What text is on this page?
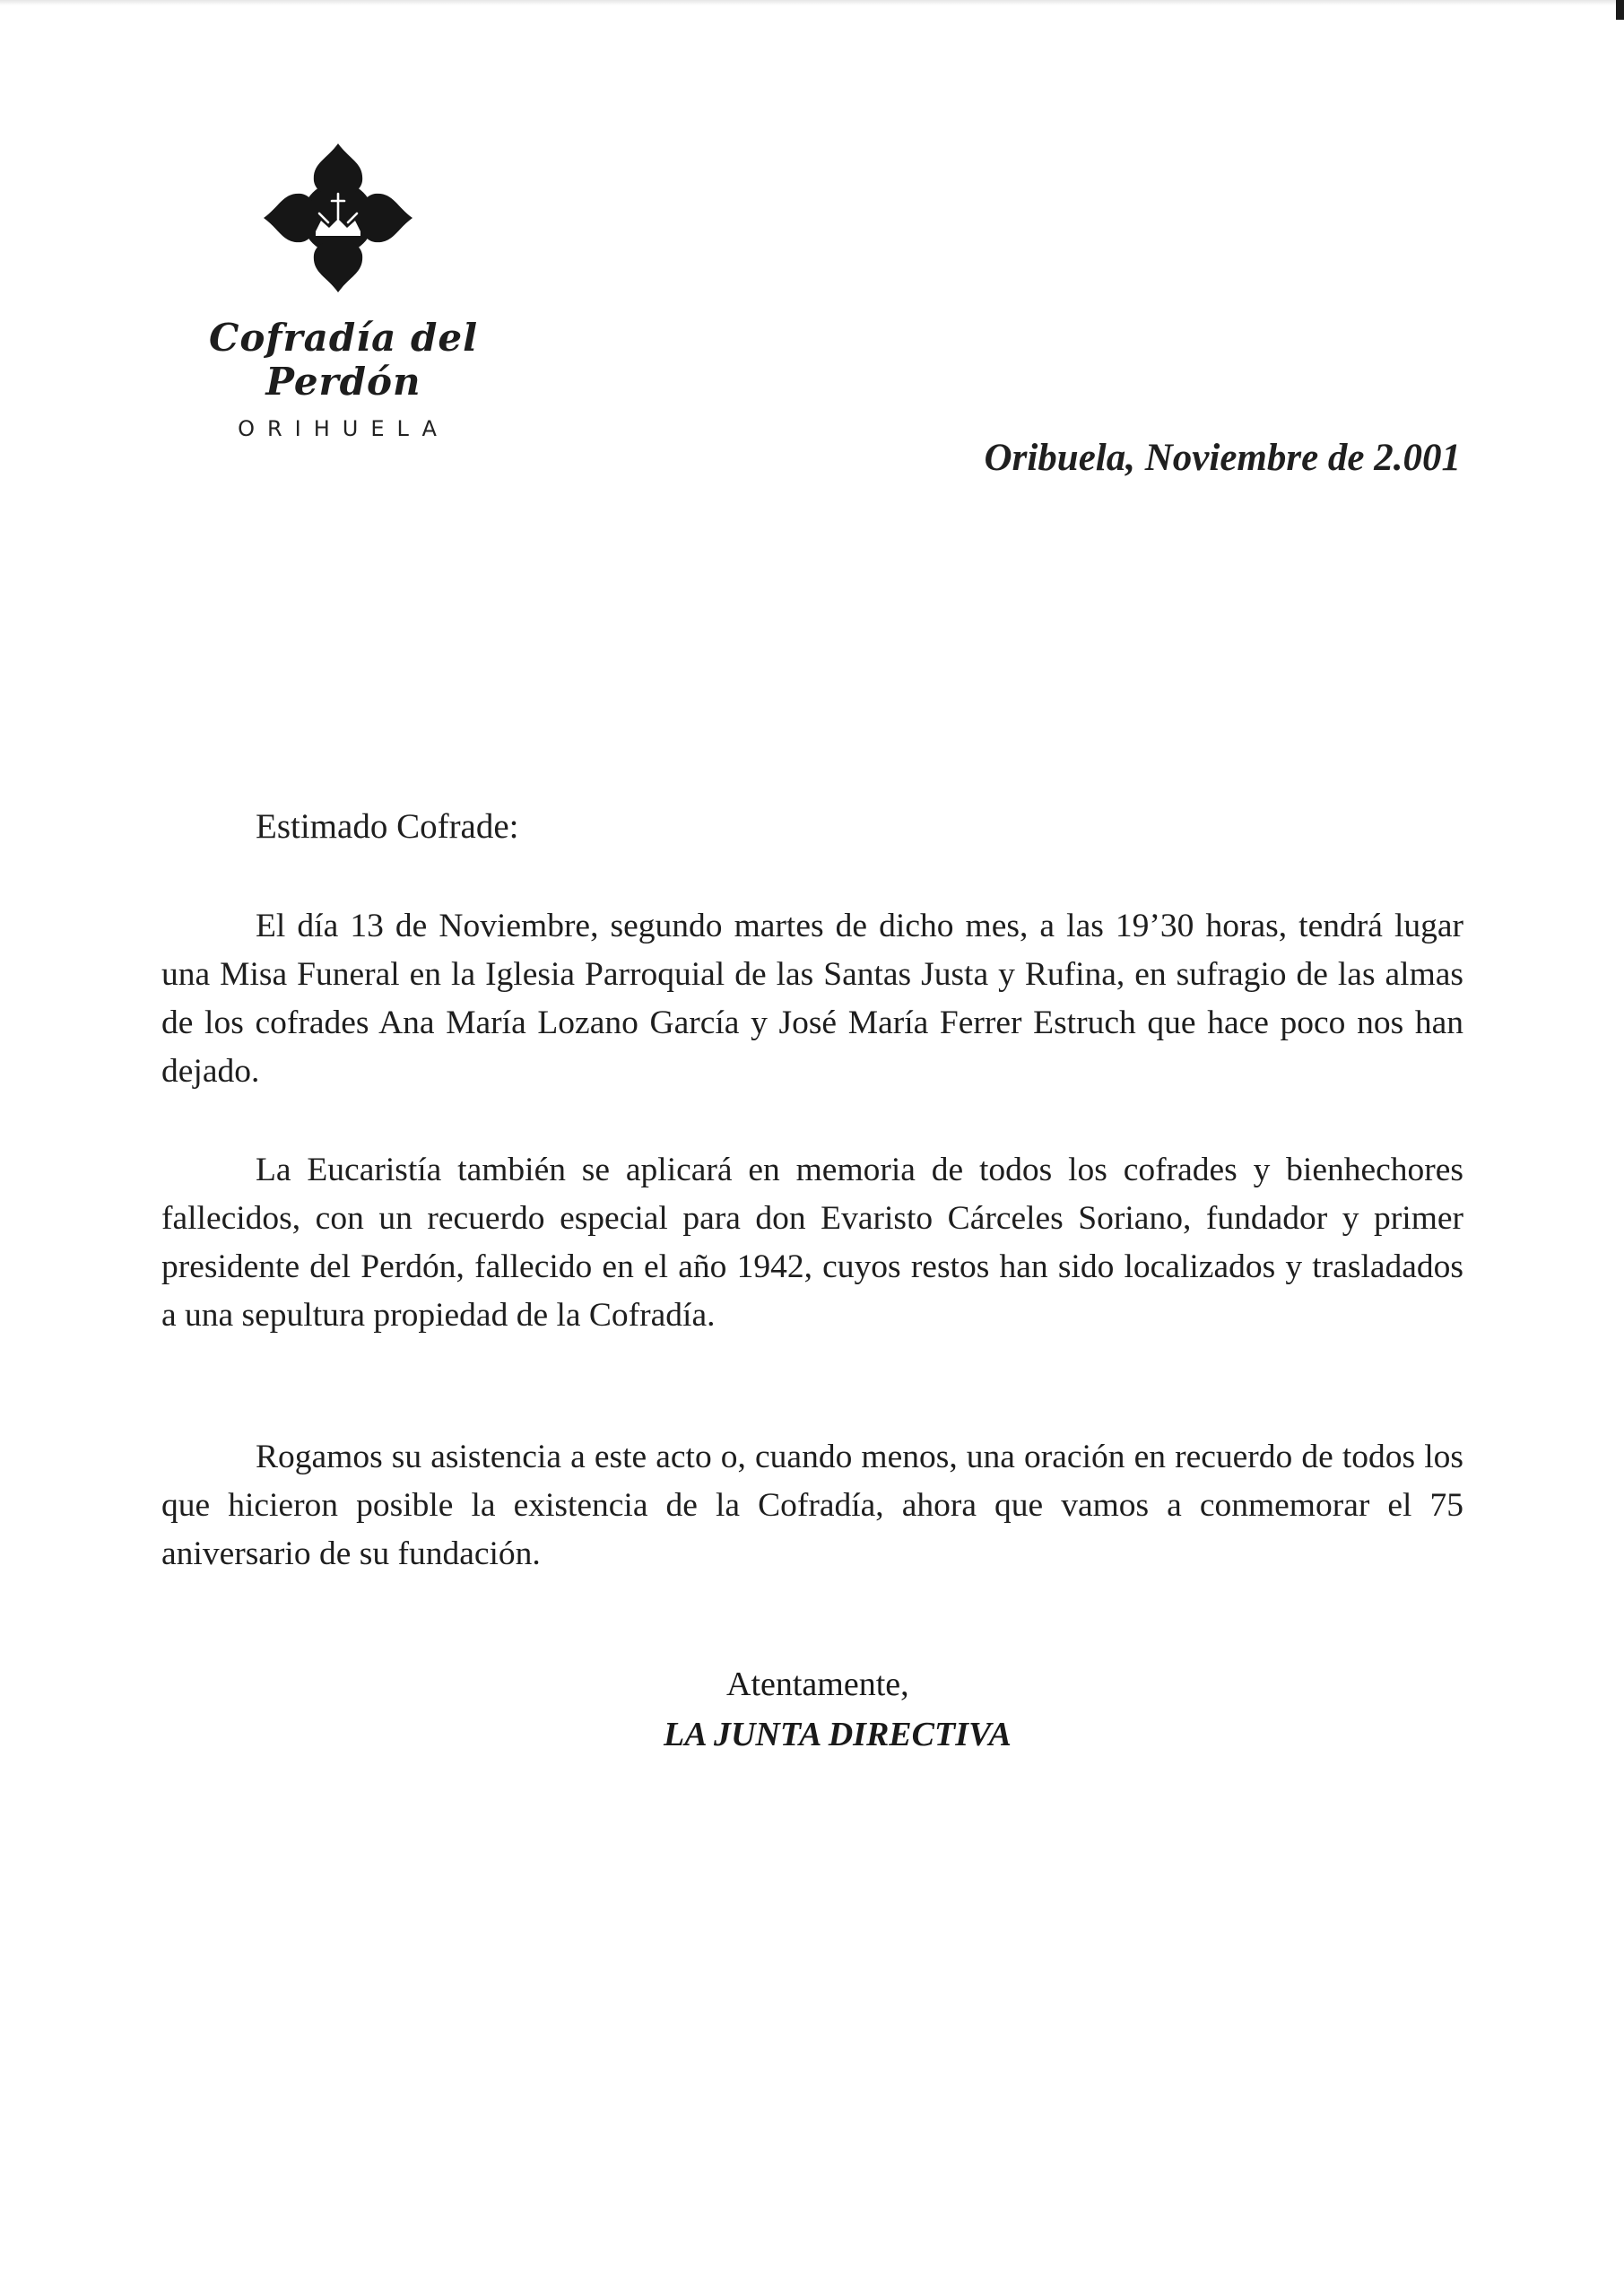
Cofradía del Perdón
ORIHUELA
Oribuela, Noviembre de 2.001
Estimado Cofrade:

El día 13 de Noviembre, segundo martes de dicho mes, a las 19’30 horas, tendrá lugar una Misa Funeral en la Iglesia Parroquial de las Santas Justa y Rufina, en sufragio de las almas de los cofrades Ana María Lozano García y José María Ferrer Estruch que hace poco nos han dejado.

La Eucaristía también se aplicará en memoria de todos los cofrades y bienhechores fallecidos, con un recuerdo especial para don Evaristo Cárceles Soriano, fundador y primer presidente del Perdón, fallecido en el año 1942, cuyos restos han sido localizados y trasladados a una sepultura propiedad de la Cofradía.

Rogamos su asistencia a este acto o, cuando menos, una oración en recuerdo de todos los que hicieron posible la existencia de la Cofradía, ahora que vamos a conmemorar el 75 aniversario de su fundación.

Atentamente,
LA JUNTA DIRECTIVA
